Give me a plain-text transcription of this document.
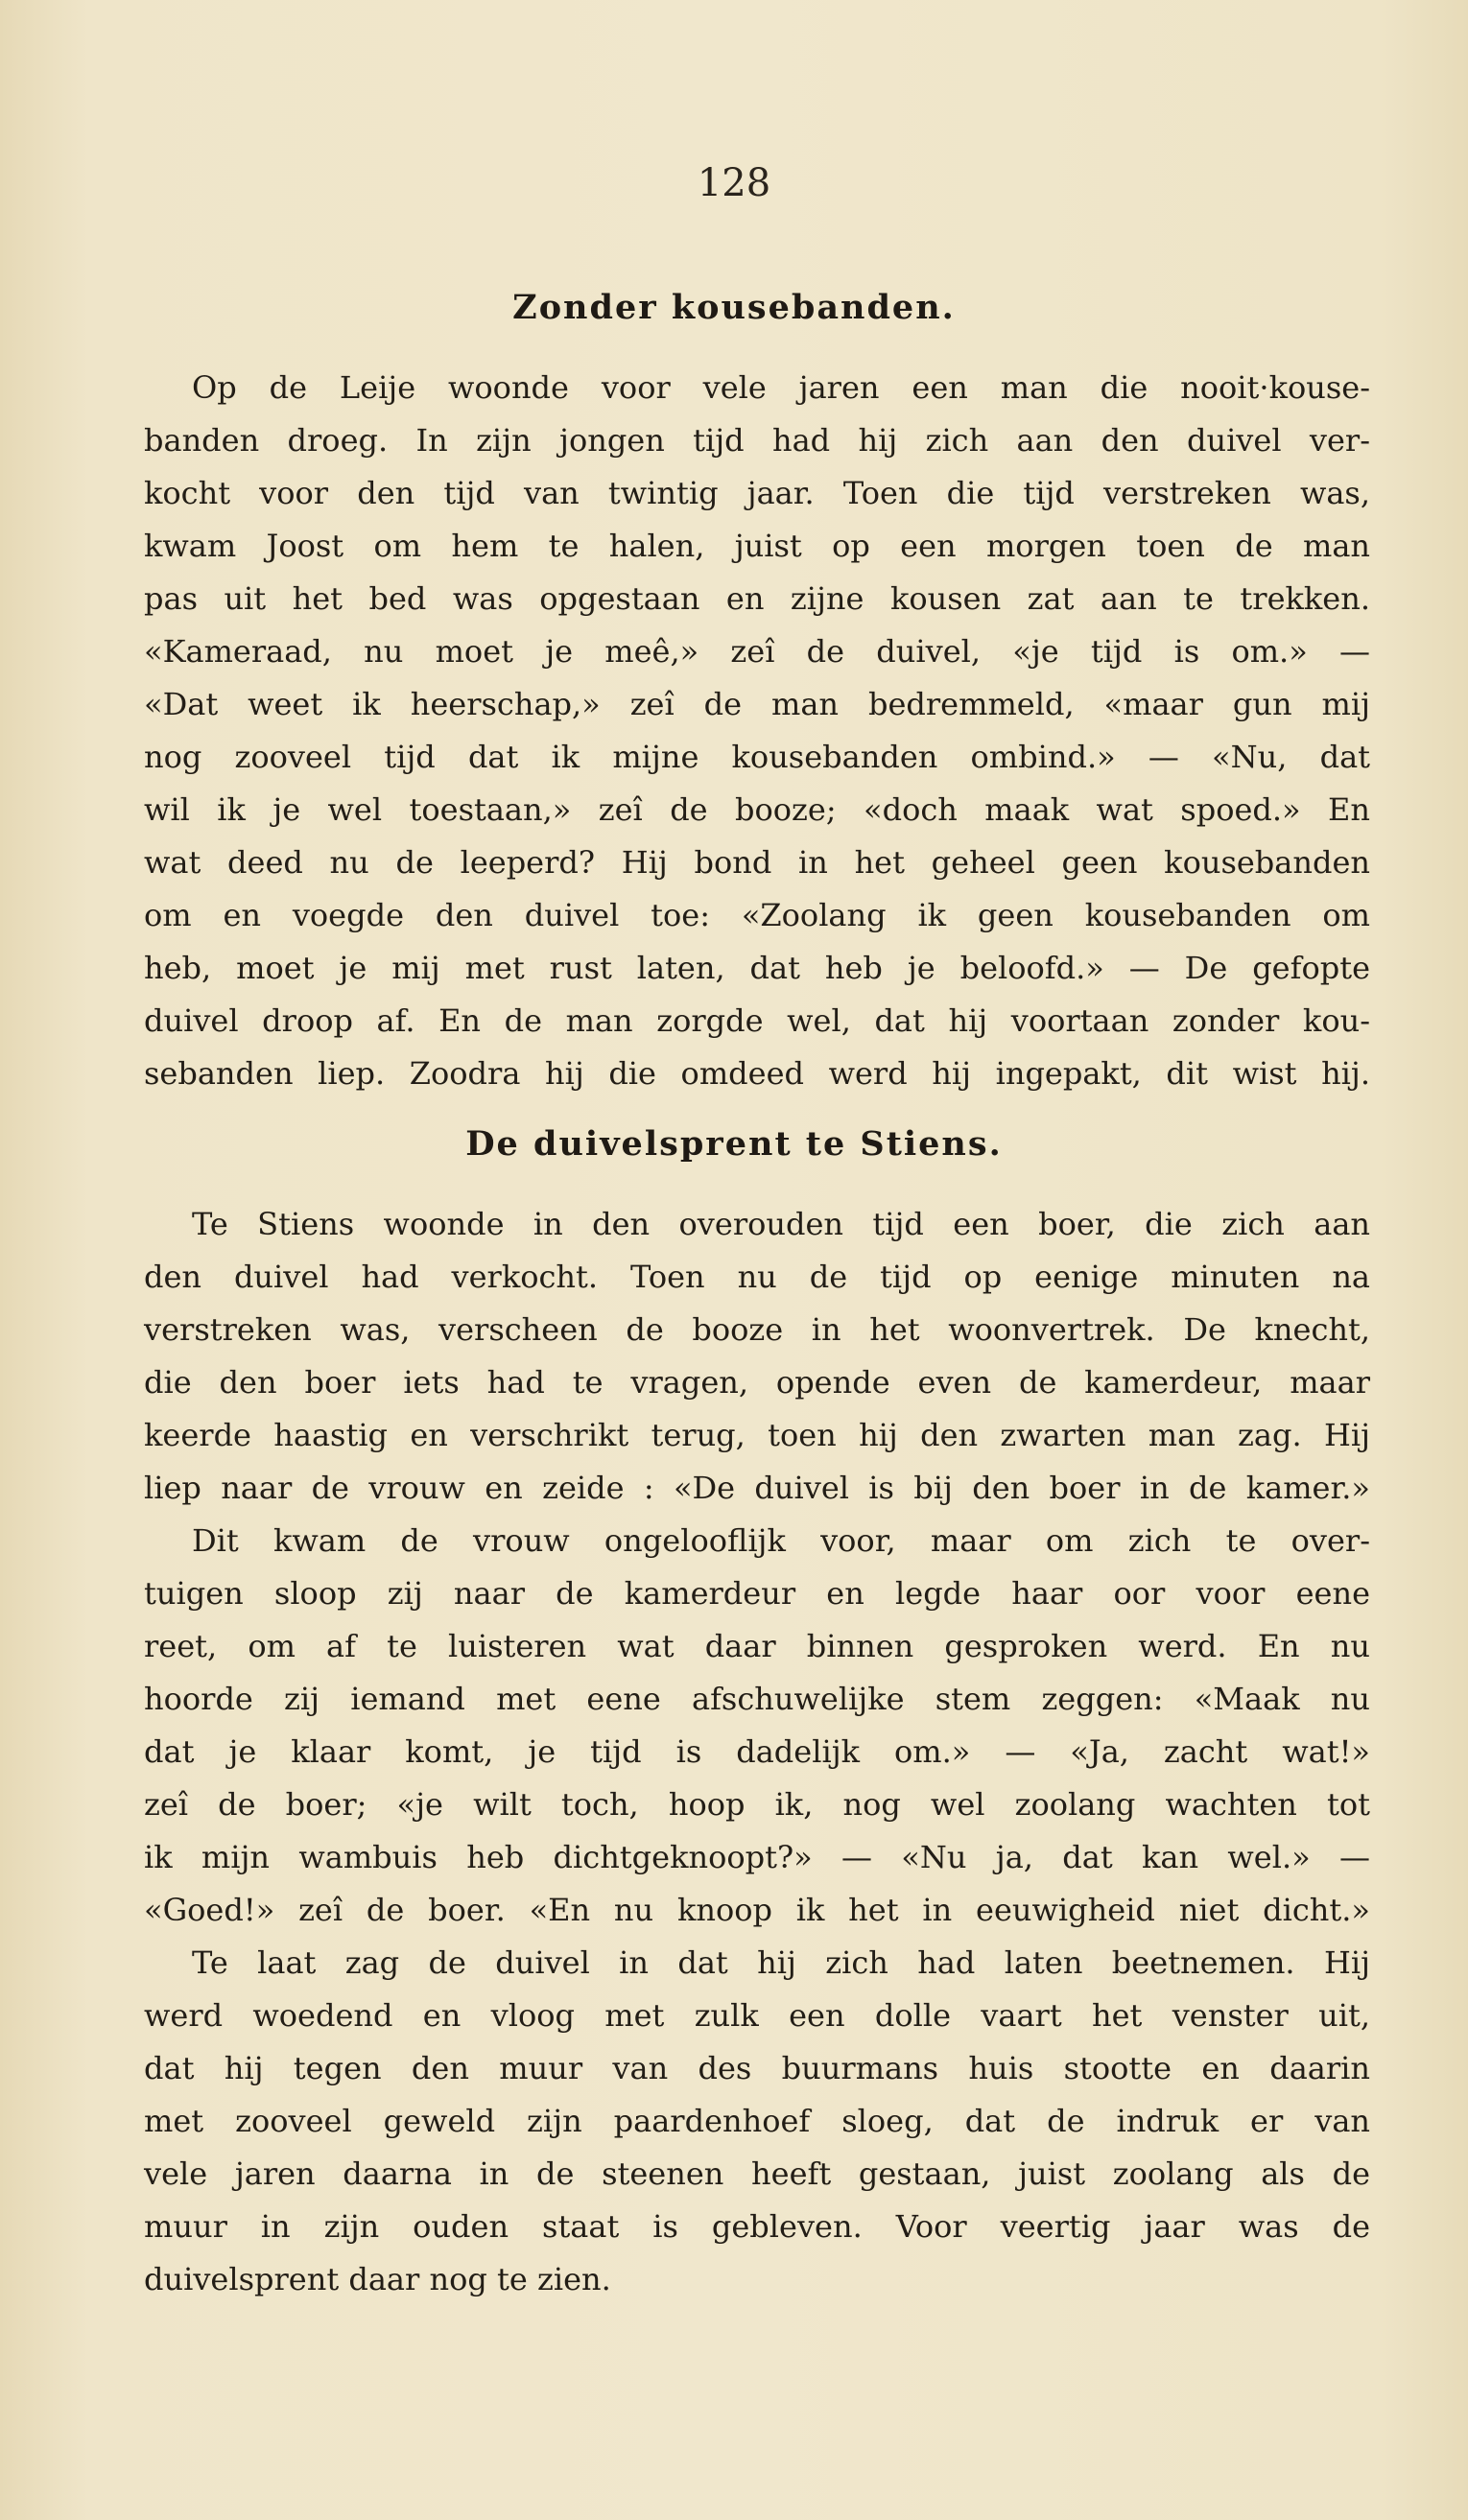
128
Zonder kousebanden.
Op de Leije woonde voor vele jaren een man die nooit·kouse-
banden droeg. In zijn jongen tijd had hij zich aan den duivel ver-
kocht voor den tijd van twintig jaar. Toen die tijd verstreken was,
kwam Joost om hem te halen, juist op een morgen toen de man
pas uit het bed was opgestaan en zijne kousen zat aan te trekken.
«Kameraad, nu moet je meê,» zeî de duivel, «je tijd is om.» —
«Dat weet ik heerschap,» zeî de man bedremmeld, «maar gun mij
nog zooveel tijd dat ik mijne kousebanden ombind.» — «Nu, dat
wil ik je wel toestaan,» zeî de booze; «doch maak wat spoed.» En
wat deed nu de leeperd? Hij bond in het geheel geen kousebanden
om en voegde den duivel toe: «Zoolang ik geen kousebanden om
heb, moet je mij met rust laten, dat heb je beloofd.» — De gefopte
duivel droop af. En de man zorgde wel, dat hij voortaan zonder kou-
sebanden liep. Zoodra hij die omdeed werd hij ingepakt, dit wist hij.
De duivelsprent te Stiens.
Te Stiens woonde in den overouden tijd een boer, die zich aan
den duivel had verkocht. Toen nu de tijd op eenige minuten na
verstreken was, verscheen de booze in het woonvertrek. De knecht,
die den boer iets had te vragen, opende even de kamerdeur, maar
keerde haastig en verschrikt terug, toen hij den zwarten man zag. Hij
liep naar de vrouw en zeide : «De duivel is bij den boer in de kamer.»
Dit kwam de vrouw ongelooflijk voor, maar om zich te over-
tuigen sloop zij naar de kamerdeur en legde haar oor voor eene
reet, om af te luisteren wat daar binnen gesproken werd. En nu
hoorde zij iemand met eene afschuwelijke stem zeggen: «Maak nu
dat je klaar komt, je tijd is dadelijk om.» — «Ja, zacht wat!»
zeî de boer; «je wilt toch, hoop ik, nog wel zoolang wachten tot
ik mijn wambuis heb dichtgeknoopt?» — «Nu ja, dat kan wel.» —
«Goed!» zeî de boer. «En nu knoop ik het in eeuwigheid niet dicht.»
Te laat zag de duivel in dat hij zich had laten beetnemen. Hij
werd woedend en vloog met zulk een dolle vaart het venster uit,
dat hij tegen den muur van des buurmans huis stootte en daarin
met zooveel geweld zijn paardenhoef sloeg, dat de indruk er van
vele jaren daarna in de steenen heeft gestaan, juist zoolang als de
muur in zijn ouden staat is gebleven. Voor veertig jaar was de
duivelsprent daar nog te zien.
